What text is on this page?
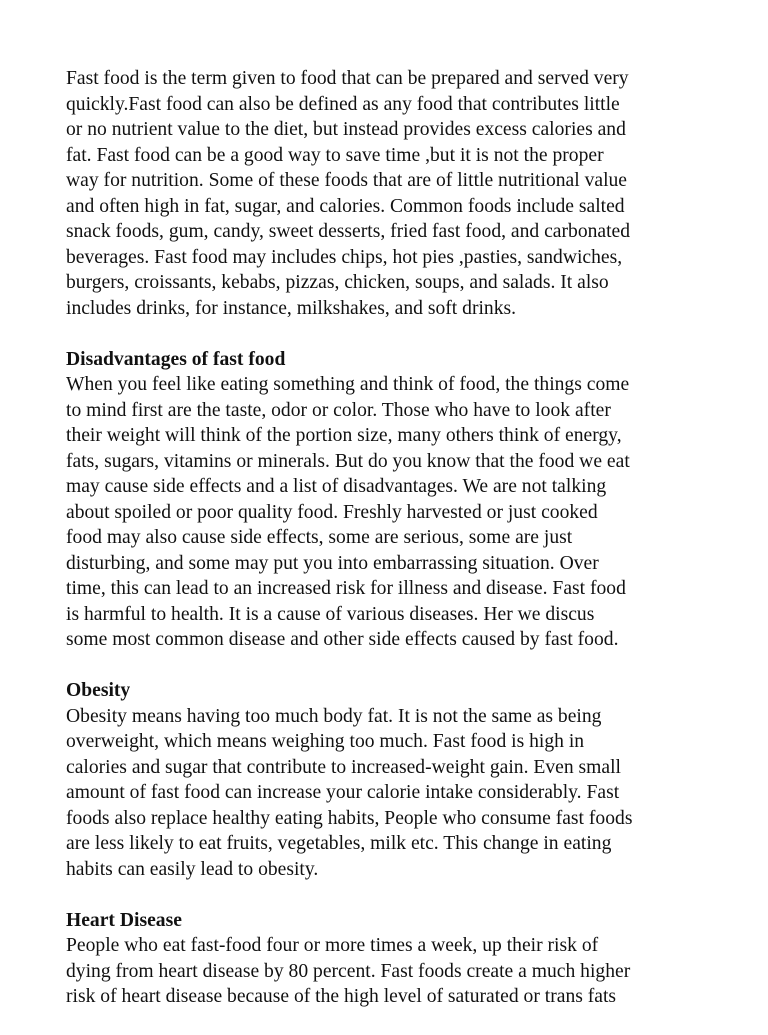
Fast food is the term given to food that can be prepared and served very
quickly.Fast food can also be defined as any food that contributes little
or no nutrient value to the diet, but instead provides excess calories and
fat. Fast food can be a good way to save time ,but it is not the proper
way for nutrition. Some of these foods that are of little nutritional value
and often high in fat, sugar, and calories. Common foods include salted
snack foods, gum, candy, sweet desserts, fried fast food, and carbonated
beverages. Fast food may includes chips, hot pies ,pasties, sandwiches,
burgers, croissants, kebabs, pizzas, chicken, soups, and salads. It also
includes drinks, for instance, milkshakes, and soft drinks.

Disadvantages of fast food

When you feel like eating something and think of food, the things come
to mind first are the taste, odor or color. Those who have to look after
their weight will think of the portion size, many others think of energy,
fats, sugars, vitamins or minerals. But do you know that the food we eat
may cause side effects and a list of disadvantages. We are not talking
about spoiled or poor quality food. Freshly harvested or just cooked
food may also cause side effects, some are serious, some are just
disturbing, and some may put you into embarrassing situation. Over
time, this can lead to an increased risk for illness and disease. Fast food
is harmful to health. It is a cause of various diseases. Her we discus
some most common disease and other side effects caused by fast food.

Obesity

Obesity means having too much body fat. It is not the same as being
overweight, which means weighing too much. Fast food is high in
calories and sugar that contribute to increased-weight gain. Even small
amount of fast food can increase your calorie intake considerably. Fast
foods also replace healthy eating habits, People who consume fast foods
are less likely to eat fruits, vegetables, milk etc. This change in eating
habits can easily lead to obesity.

Heart Disease

People who eat fast-food four or more times a week, up their risk of
dying from heart disease by 80 percent. Fast foods create a much higher
risk of heart disease because of the high level of saturated or trans fats
